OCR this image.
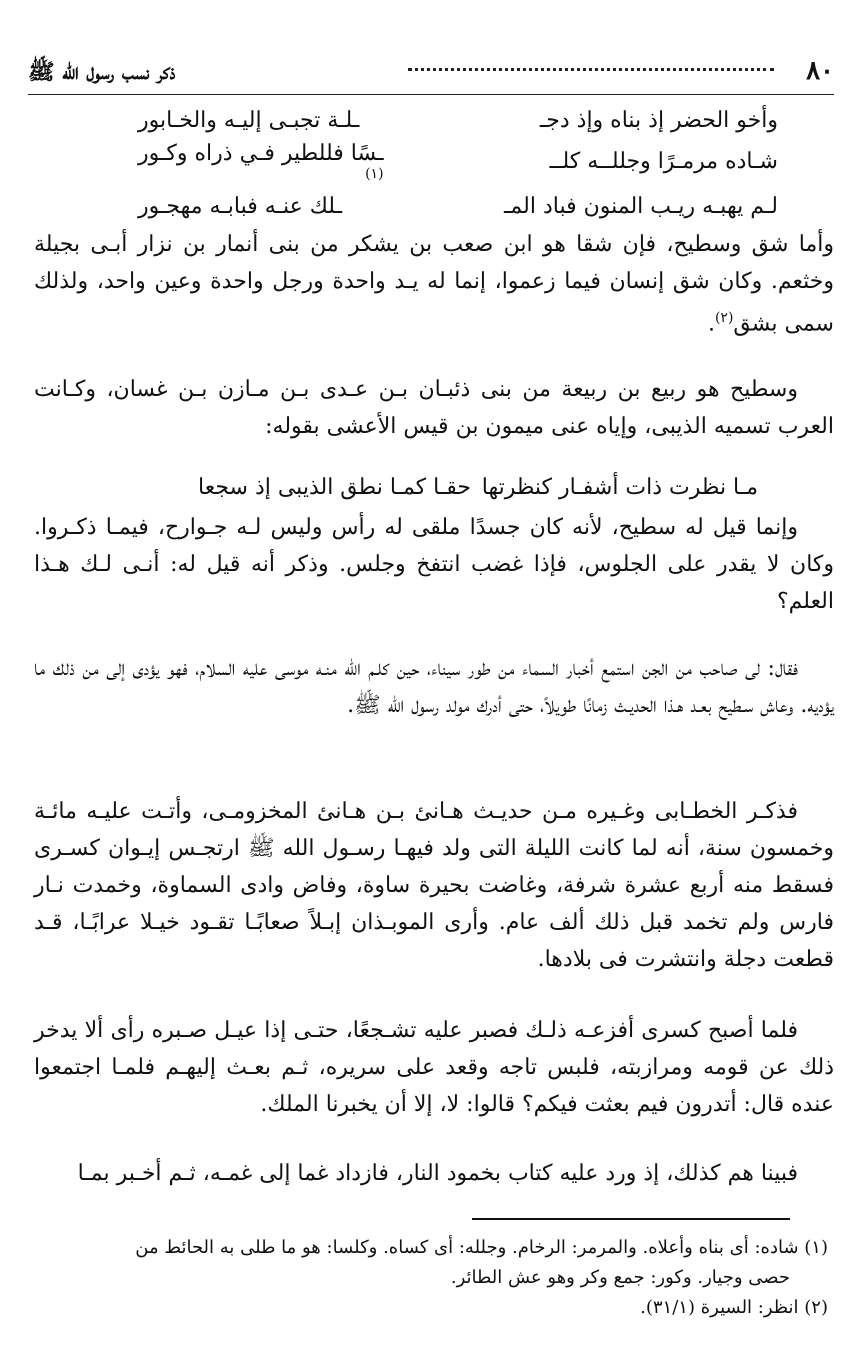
٨٠
ذكر نسب رسول الله ﷺ
وأخو الحضر إذ بناه وإذ دجـ
ـلـة تجبـى إليـه والخـابور
شـاده مرمـرًا وجللــه كلــ
ـسًا فللطير فـي ذراه وكـور
(١)
لـم يهبـه ريـب المنون فباد المـ
ـلك عنـه فبابـه مهجـور

وأما شق وسطيح، فإن شقا هو ابن صعب بن يشكر من بنى أنمار بن نزار أبـى بجيلة وخثعم. وكان شق إنسان فيما زعموا، إنما له يـد واحدة ورجل واحدة وعين واحد، ولذلك سمى بشق$^{(٢)}$.

وسطيح هو ربيع بن ربيعة من بنى ذئبـان بـن عـدى بـن مـازن بـن غسان، وكـانت العرب تسميه الذيبى، وإياه عنى ميمون بن قيس الأعشى بقوله:

مـا نظرت ذات أشفـار كنظرتها
حقـا كمـا نطق الذيبى إذ سجعا

وإنما قيل له سطيح، لأنه كان جسدًا ملقى له رأس وليس لـه جـوارح، فيمـا ذكـروا. وكان لا يقدر على الجلوس، فإذا غضب انتفخ وجلس. وذكر أنه قيل له: أنـى لـك هـذا العلم؟

فقال: لى صاحب من الجن استمع أخبار السماء من طور سيناء، حين كلـم الله منـه موسى عليه السلام، فهو يؤدى إلى من ذلك ما يؤديه. وعاش سـطيح بعـد هـذا الحديـث زمانًا طويلاً، حتى أدرك مولد رسول الله ﷺ.

فذكـر الخطـابى وغـيره مـن حديـث هـانئ بـن هـانئ المخزومـى، وأتـت عليـه مائـة وخمسون سنة، أنه لما كانت الليلة التى ولد فيهـا رسـول الله ﷺ ارتجـس إيـوان كسـرى فسقط منه أربع عشرة شرفة، وغاضت بحيرة ساوة، وفاض وادى السماوة، وخمدت نـار فارس ولم تخمد قبل ذلك ألف عام. وأرى الموبـذان إبـلاً صعابًـا تقـود خيـلا عرابًـا، قـد قطعت دجلة وانتشرت فى بلادها.

فلما أصبح كسرى أفزعـه ذلـك فصبر عليه تشـجعًا، حتـى إذا عيـل صـبره رأى ألا يدخر ذلك عن قومه ومرازبته، فلبس تاجه وقعد على سريره، ثـم بعـث إليهـم فلمـا اجتمعوا عنده قال: أتدرون فيم بعثت فيكم؟ قالوا: لا، إلا أن يخبرنا الملك.

فبينا هم كذلك، إذ ورد عليه كتاب بخمود النار، فازداد غما إلى غمـه، ثـم أخـبر بمـا

(١) شاده: أى بناه وأعلاه. والمرمر: الرخام. وجلله: أى كساه. وكلسا: هو ما طلى به الحائط من

حصى وجيار. وكور: جمع وكر وهو عش الطائر.

(٢) انظر: السيرة (٣١/١).
